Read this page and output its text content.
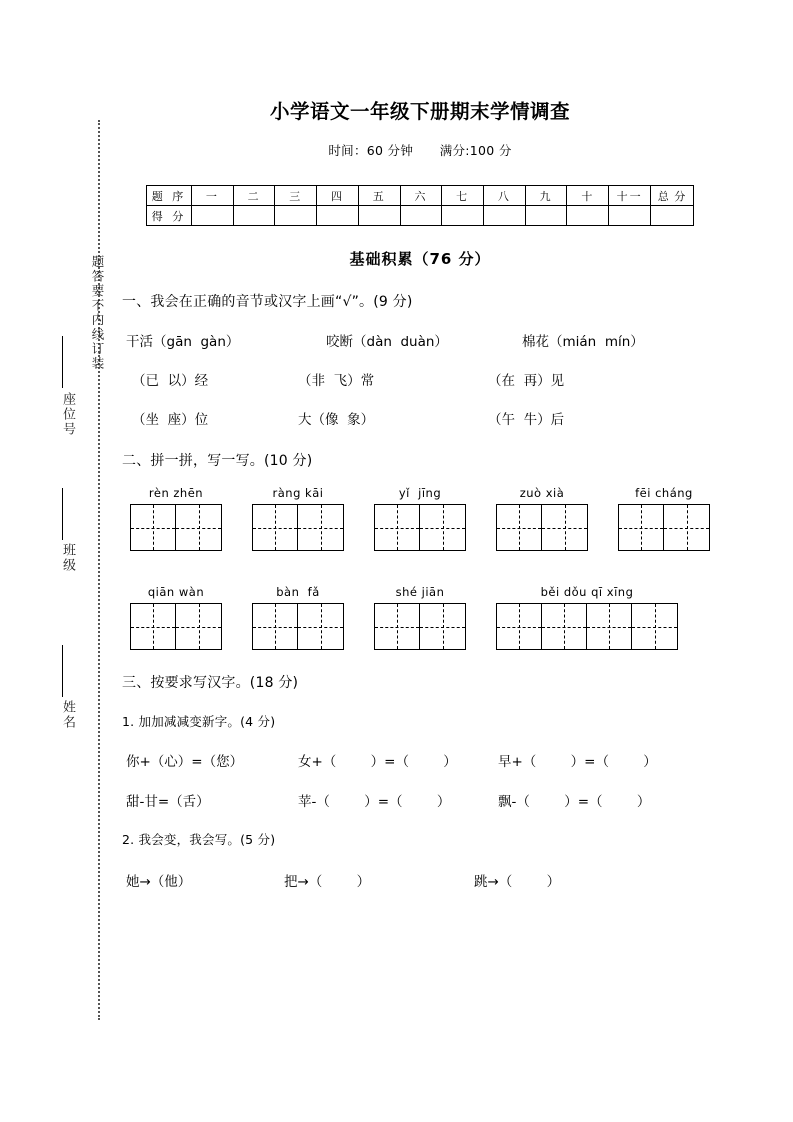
题答要不内线订装
座位号
班级
姓名
小学语文一年级下册期末学情调查
时间：60 分钟 满分:100 分
题 序	一	二	三	四	五	六	七	八	九	十	十一	总 分
得 分												
基础积累（76 分）
一、我会在正确的音节或汉字上画“√”。(9 分)
干活（gān  gàn）	咬断（dàn  duàn）	棉花（mián  mín）
（已  以）经	（非  飞）常	（在  再）见
（坐  座）位	大（像  象）	（午  牛）后
二、拼一拼，写一写。(10 分)
rèn zhēn	ràng kāi	yǐ  jīng	zuò xià	fēi cháng
qiān wàn	bàn  fǎ	shé jiān	běi dǒu qī xīng
三、按要求写汉字。(18 分)
1. 加加减减变新字。(4 分)
你+（心）=（您）	女+（        ）=（        ）	早+（        ）=（        ）
甜-甘=（舌）	苹-（        ）=（        ）	飘-（        ）=（        ）
2. 我会变，我会写。(5 分)
她→（他）	把→（        ）	跳→（        ）
